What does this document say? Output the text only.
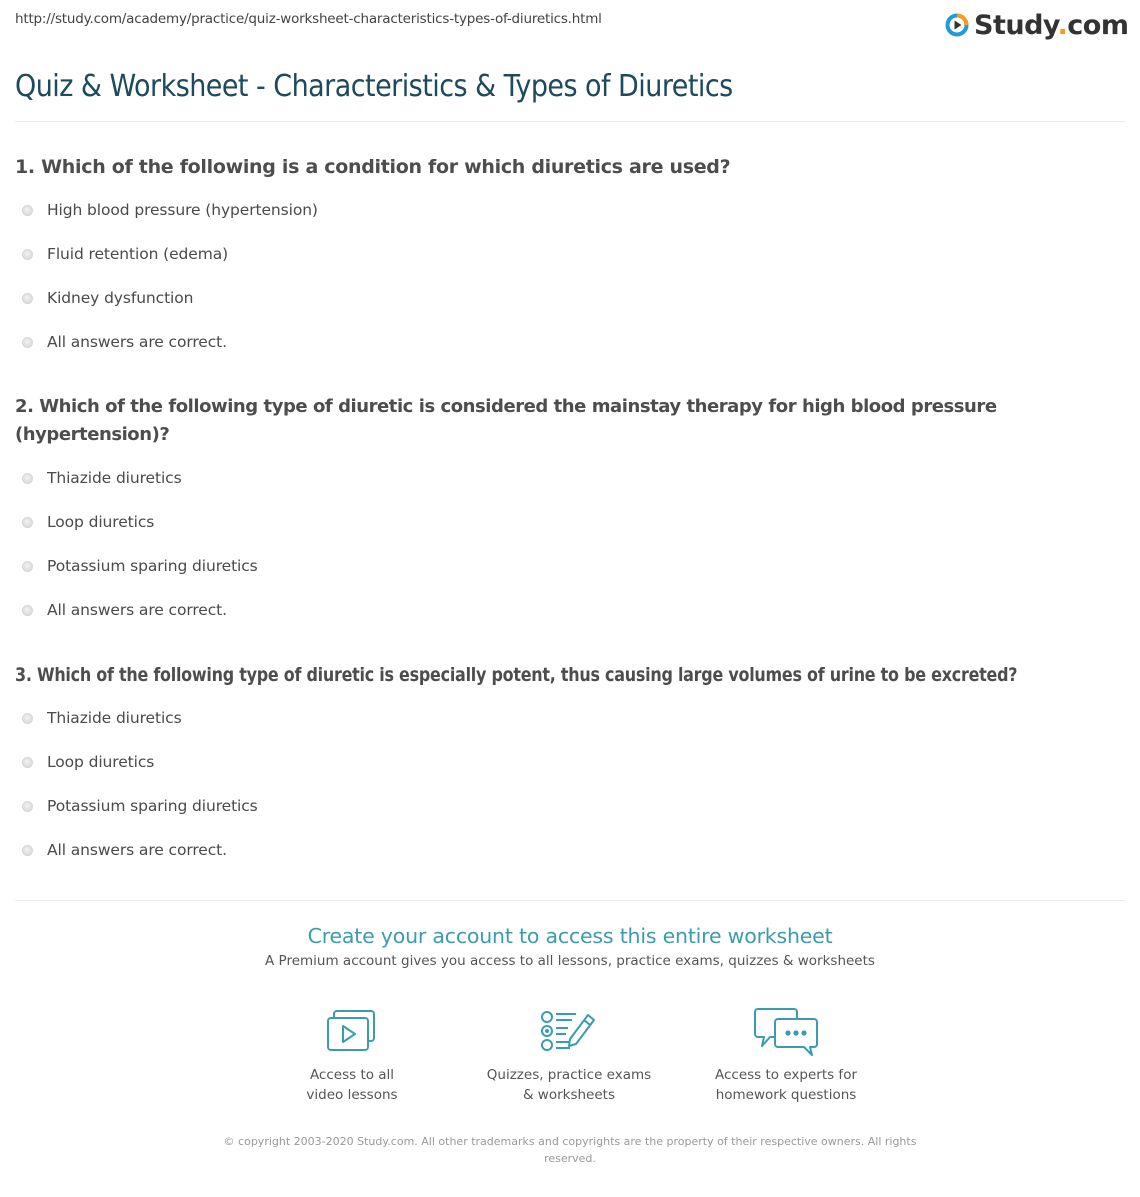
http://study.com/academy/practice/quiz-worksheet-characteristics-types-of-diuretics.html	Study.com
Quiz & Worksheet - Characteristics & Types of Diuretics
1. Which of the following is a condition for which diuretics are used?
High blood pressure (hypertension)
Fluid retention (edema)
Kidney dysfunction
All answers are correct.
2. Which of the following type of diuretic is considered the mainstay therapy for high blood pressure (hypertension)?
Thiazide diuretics
Loop diuretics
Potassium sparing diuretics
All answers are correct.
3. Which of the following type of diuretic is especially potent, thus causing large volumes of urine to be excreted?
Thiazide diuretics
Loop diuretics
Potassium sparing diuretics
All answers are correct.
Create your account to access this entire worksheet
A Premium account gives you access to all lessons, practice exams, quizzes & worksheets
Access to all
video lessons
Quizzes, practice exams
& worksheets
Access to experts for
homework questions
© copyright 2003-2020 Study.com. All other trademarks and copyrights are the property of their respective owners. All rights reserved.
